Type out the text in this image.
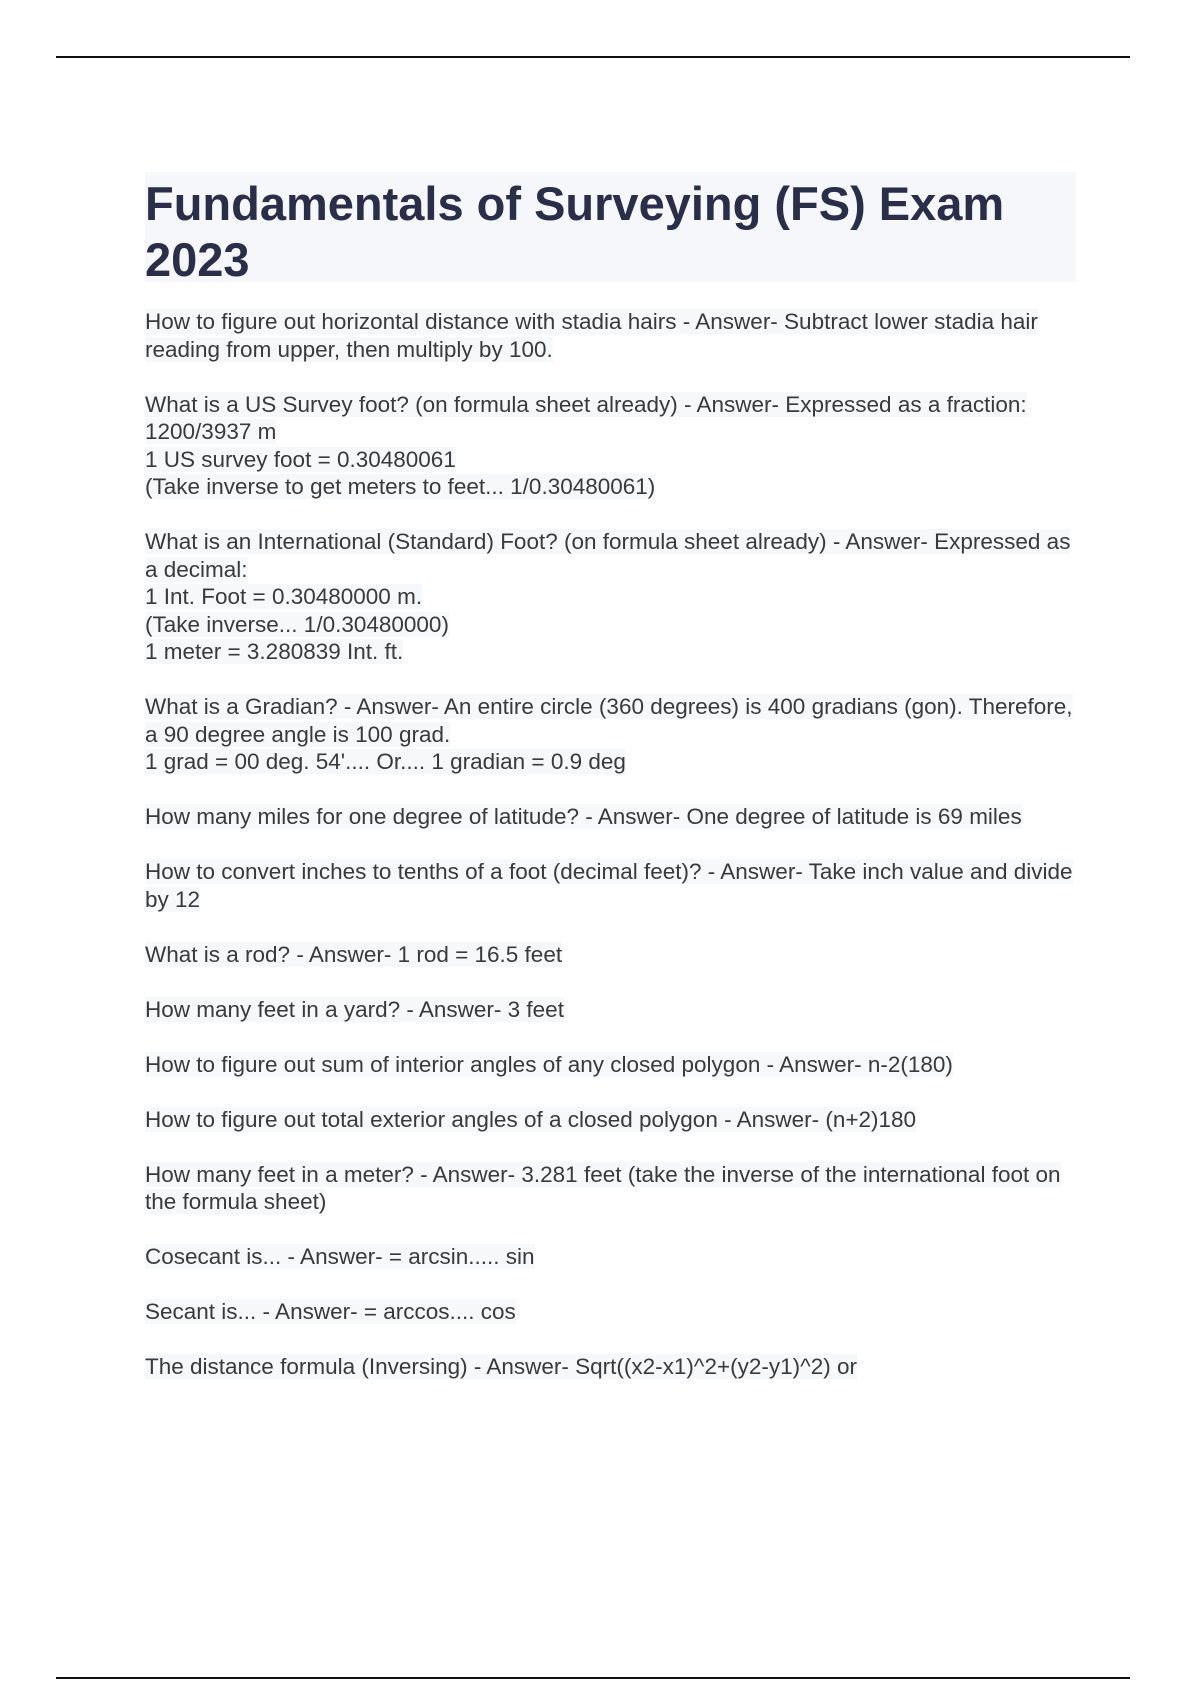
Fundamentals of Surveying (FS) Exam 2023

How to figure out horizontal distance with stadia hairs - Answer- Subtract lower stadia hair reading from upper, then multiply by 100.

What is a US Survey foot? (on formula sheet already) - Answer- Expressed as a fraction: 1200/3937 m
1 US survey foot = 0.30480061
(Take inverse to get meters to feet... 1/0.30480061)

What is an International (Standard) Foot? (on formula sheet already) - Answer- Expressed as a decimal:
1 Int. Foot = 0.30480000 m.
(Take inverse... 1/0.30480000)
1 meter = 3.280839 Int. ft.

What is a Gradian? - Answer- An entire circle (360 degrees) is 400 gradians (gon). Therefore, a 90 degree angle is 100 grad.
1 grad = 00 deg. 54'.... Or.... 1 gradian = 0.9 deg

How many miles for one degree of latitude? - Answer- One degree of latitude is 69 miles

How to convert inches to tenths of a foot (decimal feet)? - Answer- Take inch value and divide by 12

What is a rod? - Answer- 1 rod = 16.5 feet

How many feet in a yard? - Answer- 3 feet

How to figure out sum of interior angles of any closed polygon - Answer- n-2(180)

How to figure out total exterior angles of a closed polygon - Answer- (n+2)180

How many feet in a meter? - Answer- 3.281 feet (take the inverse of the international foot on the formula sheet)

Cosecant is... - Answer- = arcsin..... sin

Secant is... - Answer- = arccos.... cos

The distance formula (Inversing) - Answer- Sqrt((x2-x1)^2+(y2-y1)^2) or
